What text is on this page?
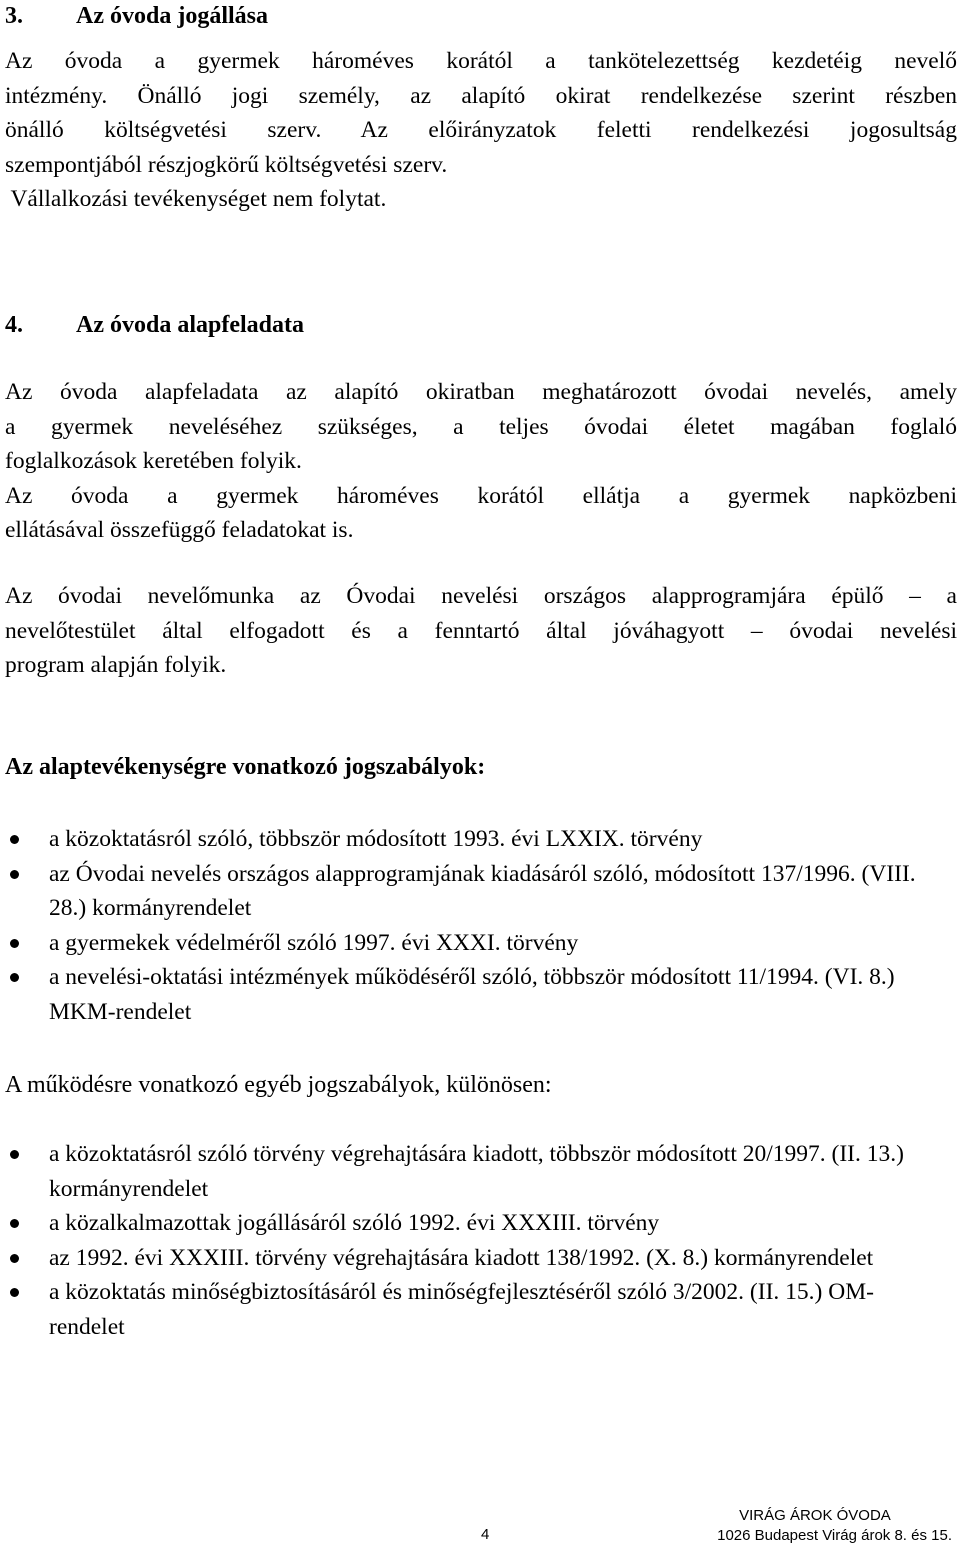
3. Az óvoda jogállása
Az óvoda a gyermek hároméves korától a tankötelezettség kezdetéig nevelő
intézmény. Önálló jogi személy, az alapító okirat rendelkezése szerint részben
önálló költségvetési szerv. Az előirányzatok feletti rendelkezési jogosultság
szempontjából részjogkörű költségvetési szerv.
Vállalkozási tevékenységet nem folytat.
4. Az óvoda alapfeladata
Az óvoda alapfeladata az alapító okiratban meghatározott óvodai nevelés, amely
a gyermek neveléséhez szükséges, a teljes óvodai életet magában foglaló
foglalkozások keretében folyik.
Az óvoda a gyermek hároméves korától ellátja a gyermek napközbeni
ellátásával összefüggő feladatokat is.
Az óvodai nevelőmunka az Óvodai nevelési országos alapprogramjára épülő – a
nevelőtestület által elfogadott és a fenntartó által jóváhagyott – óvodai nevelési
program alapján folyik.
Az alaptevékenységre vonatkozó jogszabályok:
a közoktatásról szóló, többször módosított 1993. évi LXXIX. törvény
az Óvodai nevelés országos alapprogramjának kiadásáról szóló, módosított 137/1996. (VIII. 28.) kormányrendelet
a gyermekek védelméről szóló 1997. évi XXXI. törvény
a nevelési-oktatási intézmények működéséről szóló, többször módosított 11/1994. (VI. 8.) MKM-rendelet
A működésre vonatkozó egyéb jogszabályok, különösen:
a közoktatásról szóló törvény végrehajtására kiadott, többször módosított 20/1997. (II. 13.) kormányrendelet
a közalkalmazottak jogállásáról szóló 1992. évi XXXIII. törvény
az 1992. évi XXXIII. törvény végrehajtására kiadott 138/1992. (X. 8.) kormányrendelet
a közoktatás minőségbiztosításáról és minőségfejlesztéséről szóló 3/2002. (II. 15.) OM-rendelet
4
VIRÁG ÁROK ÓVODA
1026 Budapest Virág árok 8. és 15.
